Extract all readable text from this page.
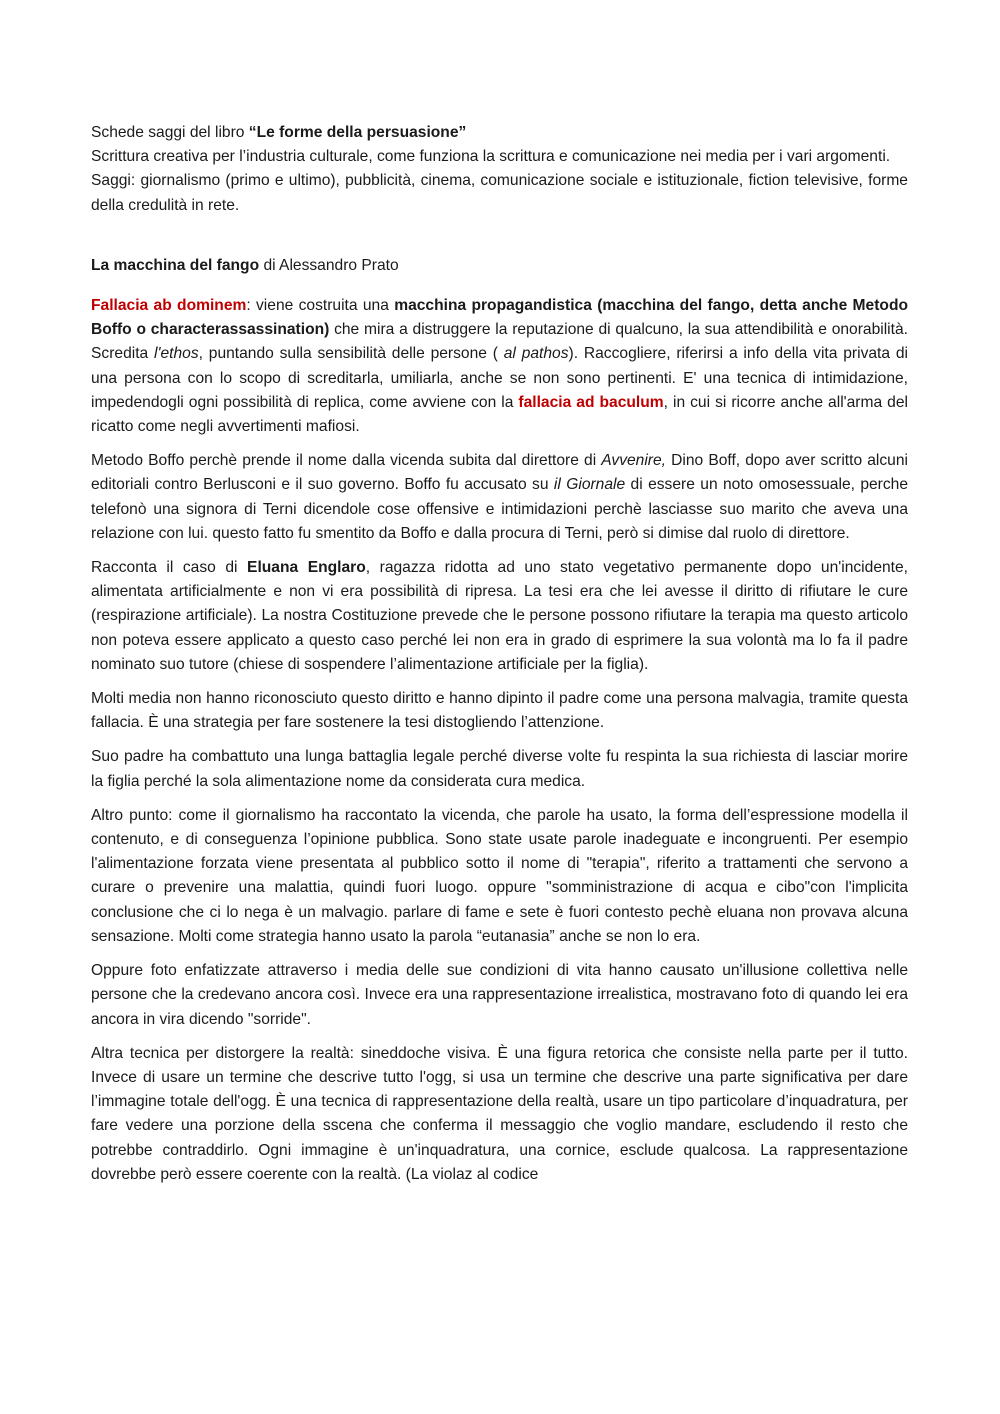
Schede saggi del libro “Le forme della persuasione”
Scrittura creativa per l’industria culturale, come funziona la scrittura e comunicazione nei media per i vari argomenti.
Saggi: giornalismo (primo e ultimo), pubblicità, cinema, comunicazione sociale e istituzionale, fiction televisive, forme della credulità in rete.

La macchina del fango di Alessandro Prato

Fallacia ab dominem: viene costruita una macchina propagandistica (macchina del fango, detta anche Metodo Boffo o characterassassination) che mira a distruggere la reputazione di qualcuno, la sua attendibilità e onorabilità. Scredita l'ethos, puntando sulla sensibilità delle persone ( al pathos). Raccogliere, riferirsi a info della vita privata di una persona con lo scopo di screditarla, umiliarla, anche se non sono pertinenti. E' una tecnica di intimidazione, impedendogli ogni possibilità di replica, come avviene con la fallacia ad baculum, in cui si ricorre anche all'arma del ricatto come negli avvertimenti mafiosi.

Metodo Boffo perchè prende il nome dalla vicenda subita dal direttore di Avvenire, Dino Boff, dopo aver scritto alcuni editoriali contro Berlusconi e il suo governo. Boffo fu accusato su il Giornale di essere un noto omosessuale, perche telefonò una signora di Terni dicendole cose offensive e intimidazioni perchè lasciasse suo marito che aveva una relazione con lui. questo fatto fu smentito da Boffo e dalla procura di Terni, però si dimise dal ruolo di direttore.

Racconta il caso di Eluana Englaro, ragazza ridotta ad uno stato vegetativo permanente dopo un'incidente, alimentata artificialmente e non vi era possibilità di ripresa. La tesi era che lei avesse il diritto di rifiutare le cure (respirazione artificiale). La nostra Costituzione prevede che le persone possono rifiutare la terapia ma questo articolo non poteva essere applicato a questo caso perché lei non era in grado di esprimere la sua volontà ma lo fa il padre nominato suo tutore (chiese di sospendere l’alimentazione artificiale per la figlia).

Molti media non hanno riconosciuto questo diritto e hanno dipinto il padre come una persona malvagia, tramite questa fallacia. È una strategia per fare sostenere la tesi distogliendo l’attenzione.

Suo padre ha combattuto una lunga battaglia legale perché diverse volte fu respinta la sua richiesta di lasciar morire la figlia perché la sola alimentazione nome da considerata cura medica.

Altro punto: come il giornalismo ha raccontato la vicenda, che parole ha usato, la forma dell’espressione modella il contenuto, e di conseguenza l’opinione pubblica. Sono state usate parole inadeguate e incongruenti. Per esempio l'alimentazione forzata viene presentata al pubblico sotto il nome di "terapia", riferito a trattamenti che servono a curare o prevenire una malattia, quindi fuori luogo. oppure "somministrazione di acqua e cibo"con l'implicita conclusione che ci lo nega è un malvagio. parlare di fame e sete è fuori contesto pechè eluana non provava alcuna sensazione. Molti come strategia hanno usato la parola “eutanasia” anche se non lo era.

Oppure foto enfatizzate attraverso i media delle sue condizioni di vita hanno causato un'illusione collettiva nelle persone che la credevano ancora così. Invece era una rappresentazione irrealistica, mostravano foto di quando lei era ancora in vira dicendo "sorride".

Altra tecnica per distorgere la realtà: sineddoche visiva. È una figura retorica che consiste nella parte per il tutto. Invece di usare un termine che descrive tutto l'ogg, si usa un termine che descrive una parte significativa per dare l’immagine totale dell'ogg. È una tecnica di rappresentazione della realtà, usare un tipo particolare d’inquadratura, per fare vedere una porzione della sscena che conferma il messaggio che voglio mandare, escludendo il resto che potrebbe contraddirlo. Ogni immagine è un'inquadratura, una cornice, esclude qualcosa. La rappresentazione dovrebbe però essere coerente con la realtà. (La violaz al codice
